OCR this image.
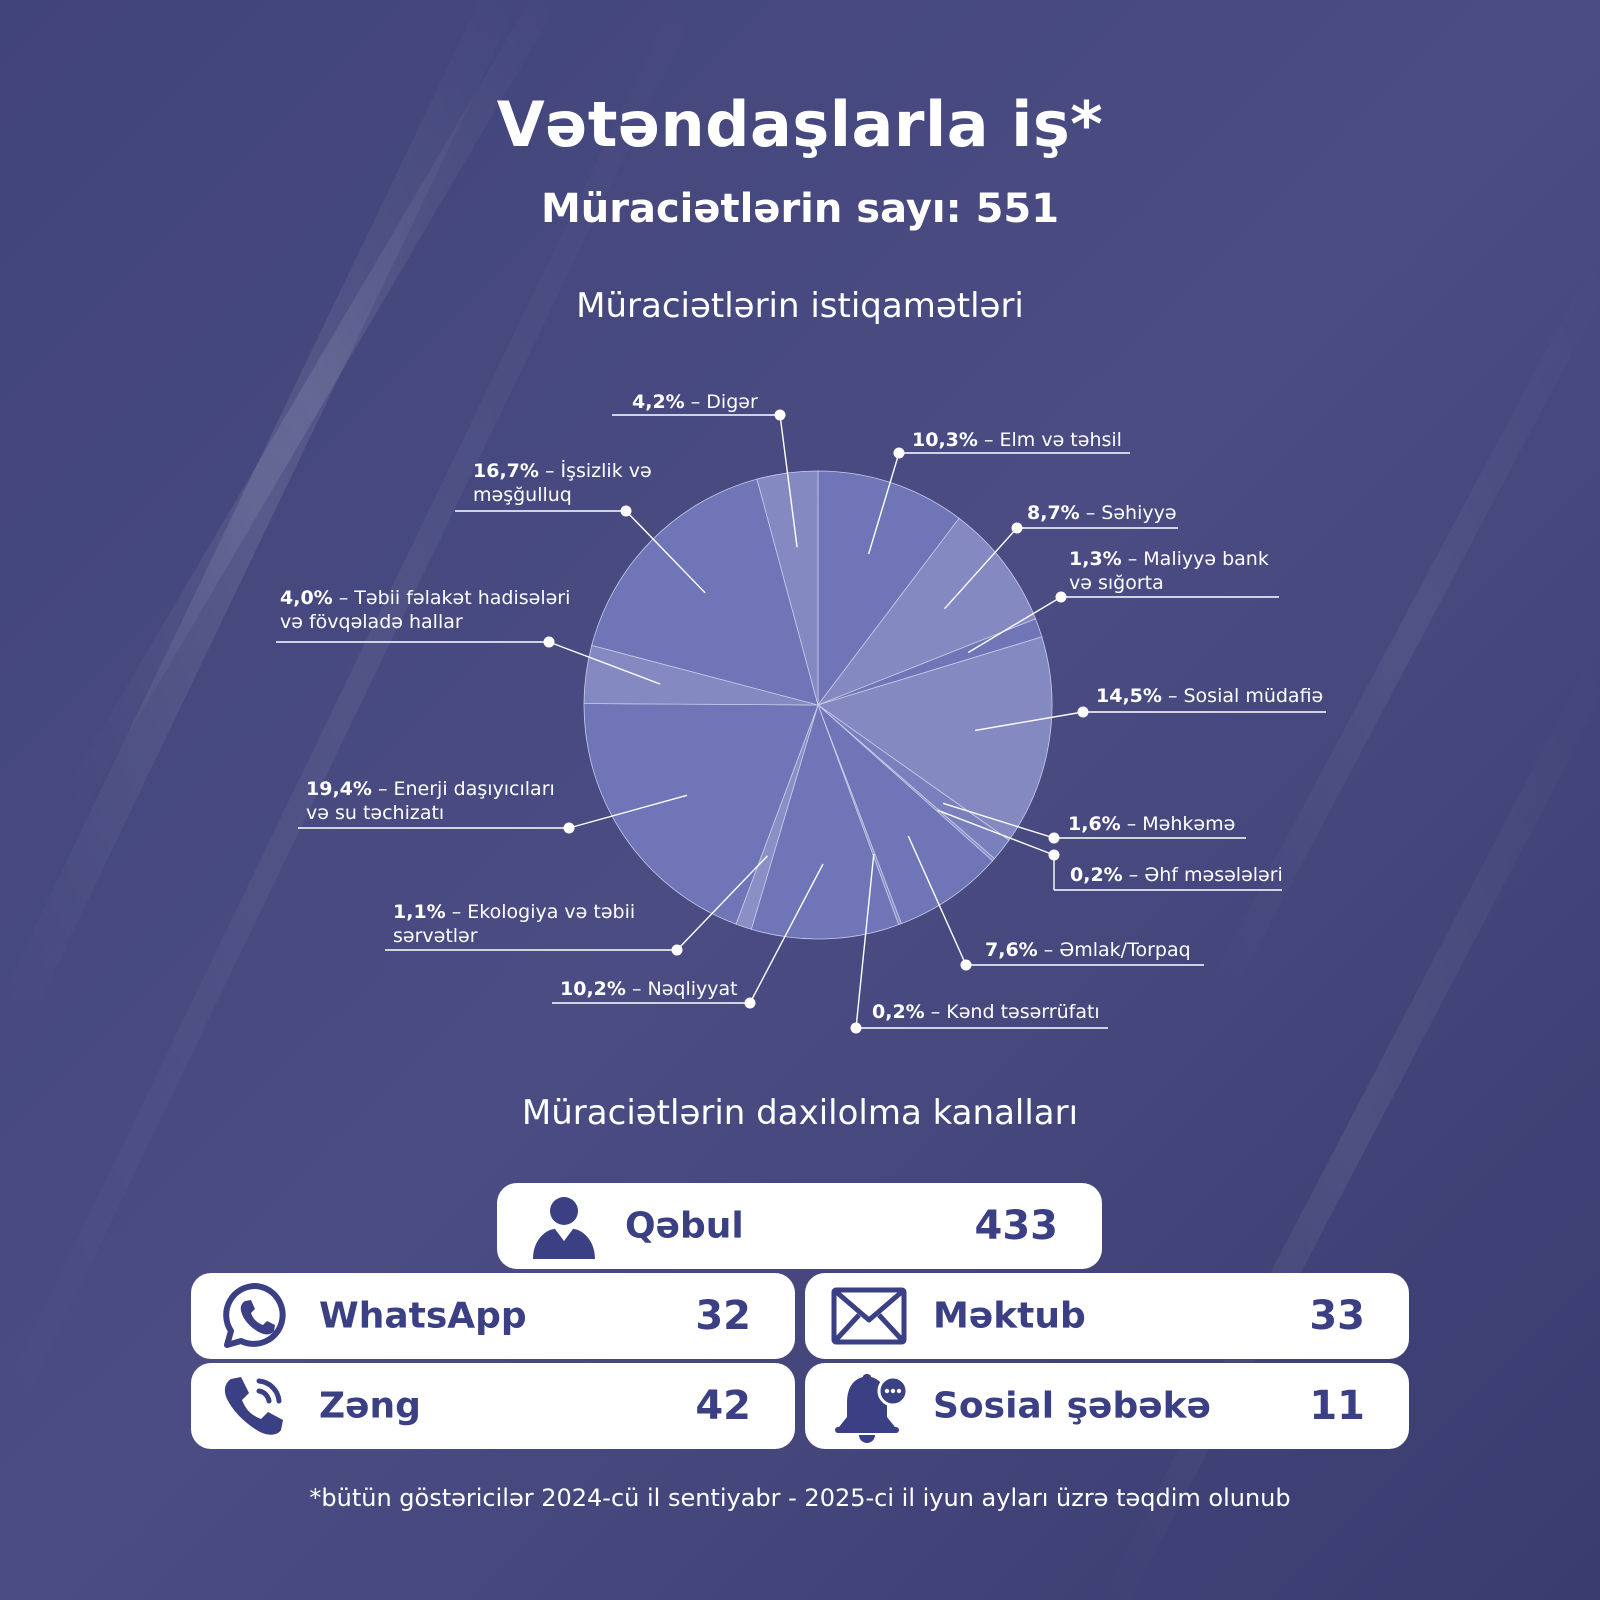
Vətəndaşlarla iş*
Müraciətlərin sayı: 551
Müraciətlərin istiqamətləri
10,3% – Elm və təhsil
8,7% – Səhiyyə
1,3% – Maliyyə bank və sığorta
14,5% – Sosial müdafiə
1,6% – Məhkəmə
0,2% – Əhf məsələləri
7,6% – Əmlak/Torpaq
0,2% – Kənd təsərrüfatı
10,2% – Nəqliyyat
1,1% – Ekologiya və təbii sərvətlər
19,4% – Enerji daşıyıcıları və su təchizatı
4,0% – Təbii fəlakət hadisələri və fövqəladə hallar
16,7% – İşsizlik və məşğulluq
4,2% – Digər
Müraciətlərin daxilolma kanalları
Qəbul	433
WhatsApp	32	Məktub	33
Zəng	42	Sosial şəbəkə 11
*bütün göstəricilər 2024-cü il sentiyabr - 2025-ci il iyun ayları üzrə təqdim olunub
